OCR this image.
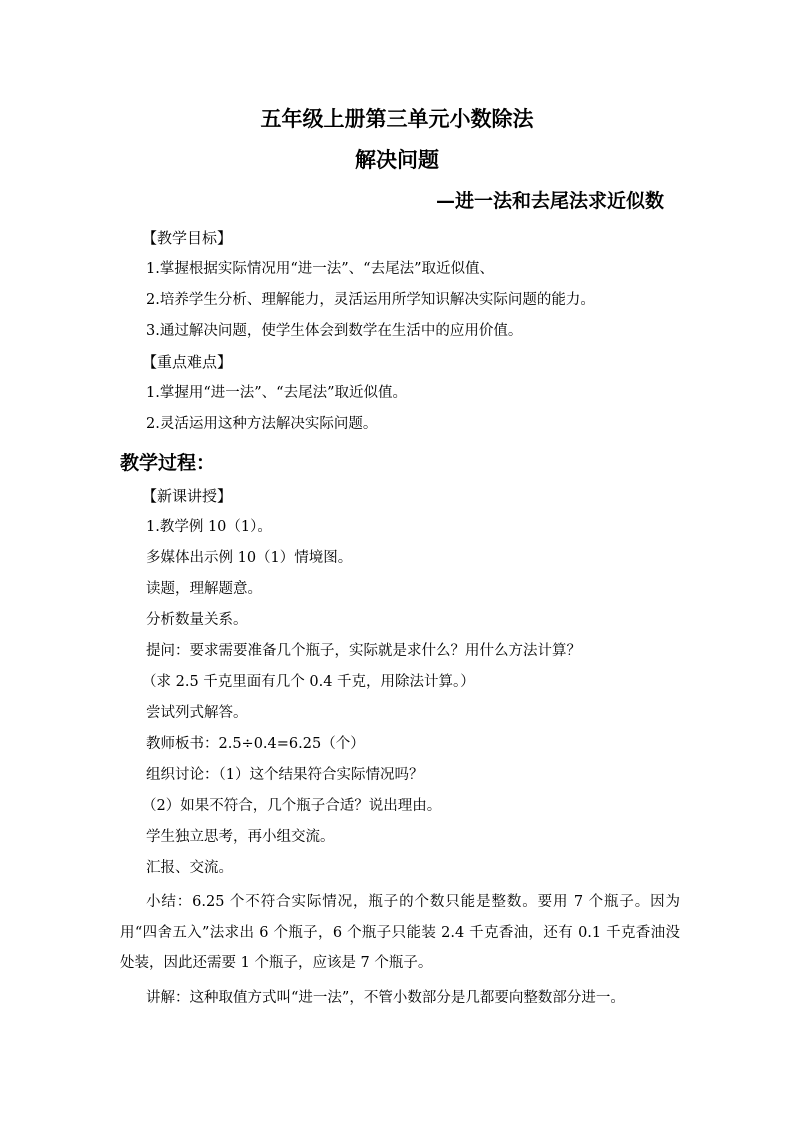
五年级上册第三单元小数除法
解决问题
—进一法和去尾法求近似数
【教学目标】
1.掌握根据实际情况用“进一法”、“去尾法”取近似值、
2.培养学生分析、理解能力，灵活运用所学知识解决实际问题的能力。
3.通过解决问题，使学生体会到数学在生活中的应用价值。
【重点难点】
1.掌握用“进一法”、“去尾法”取近似值。
2.灵活运用这种方法解决实际问题。
教学过程：
【新课讲授】
1.教学例 10（1）。
多媒体出示例 10（1）情境图。
读题，理解题意。
分析数量关系。
提问：要求需要准备几个瓶子，实际就是求什么？用什么方法计算？
（求 2.5 千克里面有几个 0.4 千克，用除法计算。）
尝试列式解答。
教师板书：2.5÷0.4=6.25（个）
组织讨论：（1）这个结果符合实际情况吗？
（2）如果不符合，几个瓶子合适？说出理由。
学生独立思考，再小组交流。
汇报、交流。
小结：6.25 个不符合实际情况，瓶子的个数只能是整数。要用 7 个瓶子。因为用“四舍五入”法求出 6 个瓶子，6 个瓶子只能装 2.4 千克香油，还有 0.1 千克香油没处装，因此还需要 1 个瓶子，应该是 7 个瓶子。
讲解：这种取值方式叫“进一法”，不管小数部分是几都要向整数部分进一。
